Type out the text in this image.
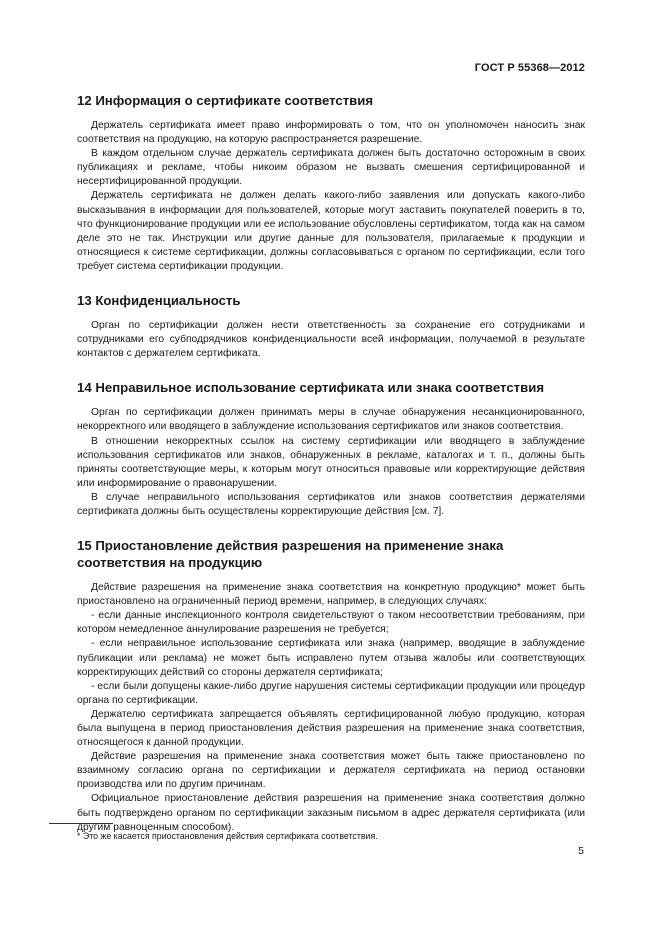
ГОСТ Р 55368—2012
12 Информация о сертификате соответствия

Держатель сертификата имеет право информировать о том, что он уполномочен наносить знак соответствия на продукцию, на которую распространяется разрешение.

В каждом отдельном случае держатель сертификата должен быть достаточно осторожным в своих публикациях и рекламе, чтобы никоим образом не вызвать смешения сертифицированной и несертифицированной продукции.

Держатель сертификата не должен делать какого-либо заявления или допускать какого-либо высказывания в информации для пользователей, которые могут заставить покупателей поверить в то, что функционирование продукции или ее использование обусловлены сертификатом, тогда как на самом деле это не так. Инструкции или другие данные для пользователя, прилагаемые к продукции и относящиеся к системе сертификации, должны согласовываться с органом по сертификации, если того требует система сертификации продукции.

13 Конфиденциальность

Орган по сертификации должен нести ответственность за сохранение его сотрудниками и сотрудниками его субподрядчиков конфиденциальности всей информации, получаемой в результате контактов с держателем сертификата.

14 Неправильное использование сертификата или знака соответствия

Орган по сертификации должен принимать меры в случае обнаружения несанкционированного, некорректного или вводящего в заблуждение использования сертификатов или знаков соответствия.

В отношении некорректных ссылок на систему сертификации или вводящего в заблуждение использования сертификатов или знаков, обнаруженных в рекламе, каталогах и т. п., должны быть приняты соответствующие меры, к которым могут относиться правовые или корректирующие действия или информирование о правонарушении.

В случае неправильного использования сертификатов или знаков соответствия держателями сертификата должны быть осуществлены корректирующие действия [см. 7].

15 Приостановление действия разрешения на применение знака соответствия на продукцию

Действие разрешения на применение знака соответствия на конкретную продукцию* может быть приостановлено на ограниченный период времени, например, в следующих случаях:

- если данные инспекционного контроля свидетельствуют о таком несоответствии требованиям, при котором немедленное аннулирование разрешения не требуется;

- если неправильное использование сертификата или знака (например, вводящие в заблуждение публикации или реклама) не может быть исправлено путем отзыва жалобы или соответствующих корректирующих действий со стороны держателя сертификата;

- если были допущены какие-либо другие нарушения системы сертификации продукции или процедур органа по сертификации.

Держателю сертификата запрещается объявлять сертифицированной любую продукцию, которая была выпущена в период приостановления действия разрешения на применение знака соответствия, относящегося к данной продукции.

Действие разрешения на применение знака соответствия может быть также приостановлено по взаимному согласию органа по сертификации и держателя сертификата на период остановки производства или по другим причинам.

Официальное приостановление действия разрешения на применение знака соответствия должно быть подтверждено органом по сертификации заказным письмом в адрес держателя сертификата (или другим равноценным способом).

* Это же касается приостановления действия сертификата соответствия.
5
